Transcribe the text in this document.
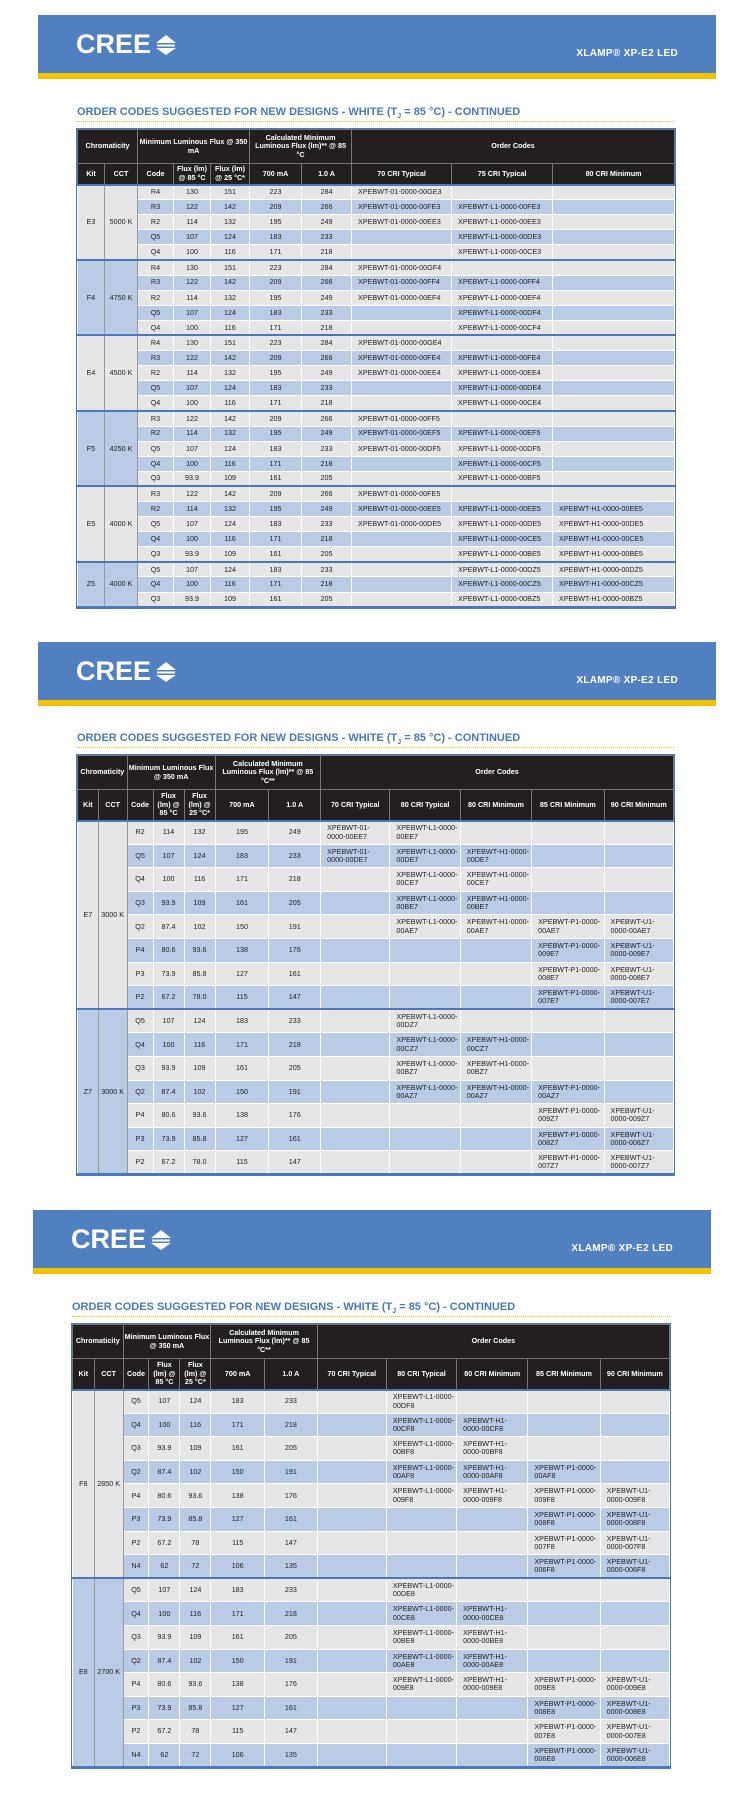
CREE	XLAMP® XP-E2 LED
ORDER CODES SUGGESTED FOR NEW DESIGNS - WHITE ($T_J = 85$ °C) - CONTINUED
Chromaticity		Minimum Luminous Flux @ 350 mA			Calculated Minimum Luminous Flux (lm)** @ 85 °C		Order Codes		
Kit	CCT	Code	Flux (lm) @ 85 °C	Flux (lm) @ 25 °C*	700 mA	1.0 A	70 CRI Typical	75 CRI Typical	80 CRI Minimum
E3	5000 K	R4	130	151	223	284	XPEBWT-01-0000-00GE3		
		R3	122	142	209	266	XPEBWT-01-0000-00FE3	XPEBWT-L1-0000-00FE3	
		R2	114	132	195	249	XPEBWT-01-0000-00EE3	XPEBWT-L1-0000-00EE3	
		Q5	107	124	183	233		XPEBWT-L1-0000-00DE3	
		Q4	100	116	171	218		XPEBWT-L1-0000-00CE3	
F4	4750 K	R4	130	151	223	284	XPEBWT-01-0000-00GF4		
		R3	122	142	209	266	XPEBWT-01-0000-00FF4	XPEBWT-L1-0000-00FF4	
		R2	114	132	195	249	XPEBWT-01-0000-00EF4	XPEBWT-L1-0000-00EF4	
		Q5	107	124	183	233		XPEBWT-L1-0000-00DF4	
		Q4	100	116	171	218		XPEBWT-L1-0000-00CF4	
E4	4500 K	R4	130	151	223	284	XPEBWT-01-0000-00GE4		
		R3	122	142	209	266	XPEBWT-01-0000-00FE4	XPEBWT-L1-0000-00FE4	
		R2	114	132	195	249	XPEBWT-01-0000-00EE4	XPEBWT-L1-0000-00EE4	
		Q5	107	124	183	233		XPEBWT-L1-0000-00DE4	
		Q4	100	116	171	218		XPEBWT-L1-0000-00CE4	
F5	4250 K	R3	122	142	209	266	XPEBWT-01-0000-00FF5		
		R2	114	132	195	249	XPEBWT-01-0000-00EF5	XPEBWT-L1-0000-00EF5	
		Q5	107	124	183	233	XPEBWT-01-0000-00DF5	XPEBWT-L1-0000-00DF5	
		Q4	100	116	171	218		XPEBWT-L1-0000-00CF5	
		Q3	93.9	109	161	205		XPEBWT-L1-0000-00BF5	
E5	4000 K	R3	122	142	209	266	XPEBWT-01-0000-00FE5		
		R2	114	132	195	249	XPEBWT-01-0000-00EE5	XPEBWT-L1-0000-00EE5	XPEBWT-H1-0000-00EE5
		Q5	107	124	183	233	XPEBWT-01-0000-00DE5	XPEBWT-L1-0000-00DE5	XPEBWT-H1-0000-00DE5
		Q4	100	116	171	218		XPEBWT-L1-0000-00CE5	XPEBWT-H1-0000-00CE5
		Q3	93.9	109	161	205		XPEBWT-L1-0000-00BE5	XPEBWT-H1-0000-00BE5
Z5	4000 K	Q5	107	124	183	233		XPEBWT-L1-0000-00DZ5	XPEBWT-H1-0000-00DZ5
		Q4	100	116	171	218		XPEBWT-L1-0000-00CZ5	XPEBWT-H1-0000-00CZ5
		Q3	93.9	109	161	205		XPEBWT-L1-0000-00BZ5	XPEBWT-H1-0000-00BZ5
CREE	XLAMP® XP-E2 LED
ORDER CODES SUGGESTED FOR NEW DESIGNS - WHITE ($T_J = 85$ °C) - CONTINUED
Chromaticity		Minimum Luminous Flux @ 350 mA			Calculated Minimum Luminous Flux (lm)** @ 85 °C**		Order Codes				
Kit	CCT	Code	Flux (lm) @ 85 °C	Flux (lm) @ 25 °C*	700 mA	1.0 A	70 CRI Typical	80 CRI Typical	80 CRI Minimum	85 CRI Minimum	90 CRI Minimum
E7	3000 K	R2	114	132	195	249	XPEBWT-01-0000-00EE7	XPEBWT-L1-0000-00EE7			
		Q5	107	124	183	233	XPEBWT-01-0000-00DE7	XPEBWT-L1-0000-00DE7	XPEBWT-H1-0000-00DE7		
		Q4	100	116	171	218		XPEBWT-L1-0000-00CE7	XPEBWT-H1-0000-00CE7		
		Q3	93.9	109	161	205		XPEBWT-L1-0000-00BE7	XPEBWT-H1-0000-00BE7		
		Q2	87.4	102	150	191		XPEBWT-L1-0000-00AE7	XPEBWT-H1-0000-00AE7	XPEBWT-P1-0000-00AE7	XPEBWT-U1-0000-00AE7
		P4	80.6	93.6	138	176				XPEBWT-P1-0000-009E7	XPEBWT-U1-0000-009E7
		P3	73.9	85.8	127	161				XPEBWT-P1-0000-008E7	XPEBWT-U1-0000-008E7
		P2	67.2	78.0	115	147				XPEBWT-P1-0000-007E7	XPEBWT-U1-0000-007E7
Z7	3000 K	Q5	107	124	183	233		XPEBWT-L1-0000-00DZ7			
		Q4	100	116	171	218		XPEBWT-L1-0000-00CZ7	XPEBWT-H1-0000-00CZ7		
		Q3	93.9	109	161	205		XPEBWT-L1-0000-00BZ7	XPEBWT-H1-0000-00BZ7		
		Q2	87.4	102	150	191		XPEBWT-L1-0000-00AZ7	XPEBWT-H1-0000-00AZ7	XPEBWT-P1-0000-00AZ7	
		P4	80.6	93.6	138	176				XPEBWT-P1-0000-009Z7	XPEBWT-U1-0000-009Z7
		P3	73.9	85.8	127	161				XPEBWT-P1-0000-008Z7	XPEBWT-U1-0000-008Z7
		P2	67.2	78.0	115	147				XPEBWT-P1-0000-007Z7	XPEBWT-U1-0000-007Z7
CREE	XLAMP® XP-E2 LED
ORDER CODES SUGGESTED FOR NEW DESIGNS - WHITE ($T_J = 85$ °C) - CONTINUED
Chromaticity		Minimum Luminous Flux @ 350 mA			Calculated Minimum Luminous Flux (lm)** @ 85 °C**		Order Codes				
Kit	CCT	Code	Flux (lm) @ 85 °C	Flux (lm) @ 25 °C*	700 mA	1.0 A	70 CRI Typical	80 CRI Typical	80 CRI Minimum	85 CRI Minimum	90 CRI Minimum
F8	2850 K	Q5	107	124	183	233		XPEBWT-L1-0000-00DF8			
		Q4	100	116	171	218		XPEBWT-L1-0000-00CF8	XPEBWT-H1-0000-00CF8		
		Q3	93.9	109	161	205		XPEBWT-L1-0000-00BF8	XPEBWT-H1-0000-00BF8		
		Q2	87.4	102	150	191		XPEBWT-L1-0000-00AF8	XPEBWT-H1-0000-00AF8	XPEBWT-P1-0000-00AF8	
		P4	80.6	93.6	138	176		XPEBWT-L1-0000-009F8	XPEBWT-H1-0000-009F8	XPEBWT-P1-0000-009F8	XPEBWT-U1-0000-009F8
		P3	73.9	85.8	127	161				XPEBWT-P1-0000-008F8	XPEBWT-U1-0000-008F8
		P2	67.2	78	115	147				XPEBWT-P1-0000-007F8	XPEBWT-U1-0000-007F8
		N4	62	72	106	135				XPEBWT-P1-0000-006F8	XPEBWT-U1-0000-006F8
E8	2700 K	Q5	107	124	183	233		XPEBWT-L1-0000-00DE8			
		Q4	100	116	171	218		XPEBWT-L1-0000-00CE8	XPEBWT-H1-0000-00CE8		
		Q3	93.9	109	161	205		XPEBWT-L1-0000-00BE8	XPEBWT-H1-0000-00BE8		
		Q2	87.4	102	150	191		XPEBWT-L1-0000-00AE8	XPEBWT-H1-0000-00AE8		
		P4	80.6	93.6	138	176		XPEBWT-L1-0000-009E8	XPEBWT-H1-0000-009E8	XPEBWT-P1-0000-009E8	XPEBWT-U1-0000-009E8
		P3	73.9	85.8	127	161				XPEBWT-P1-0000-008E8	XPEBWT-U1-0000-008E8
		P2	67.2	78	115	147				XPEBWT-P1-0000-007E8	XPEBWT-U1-0000-007E8
		N4	62	72	106	135				XPEBWT-P1-0000-006E8	XPEBWT-U1-0000-006E8
